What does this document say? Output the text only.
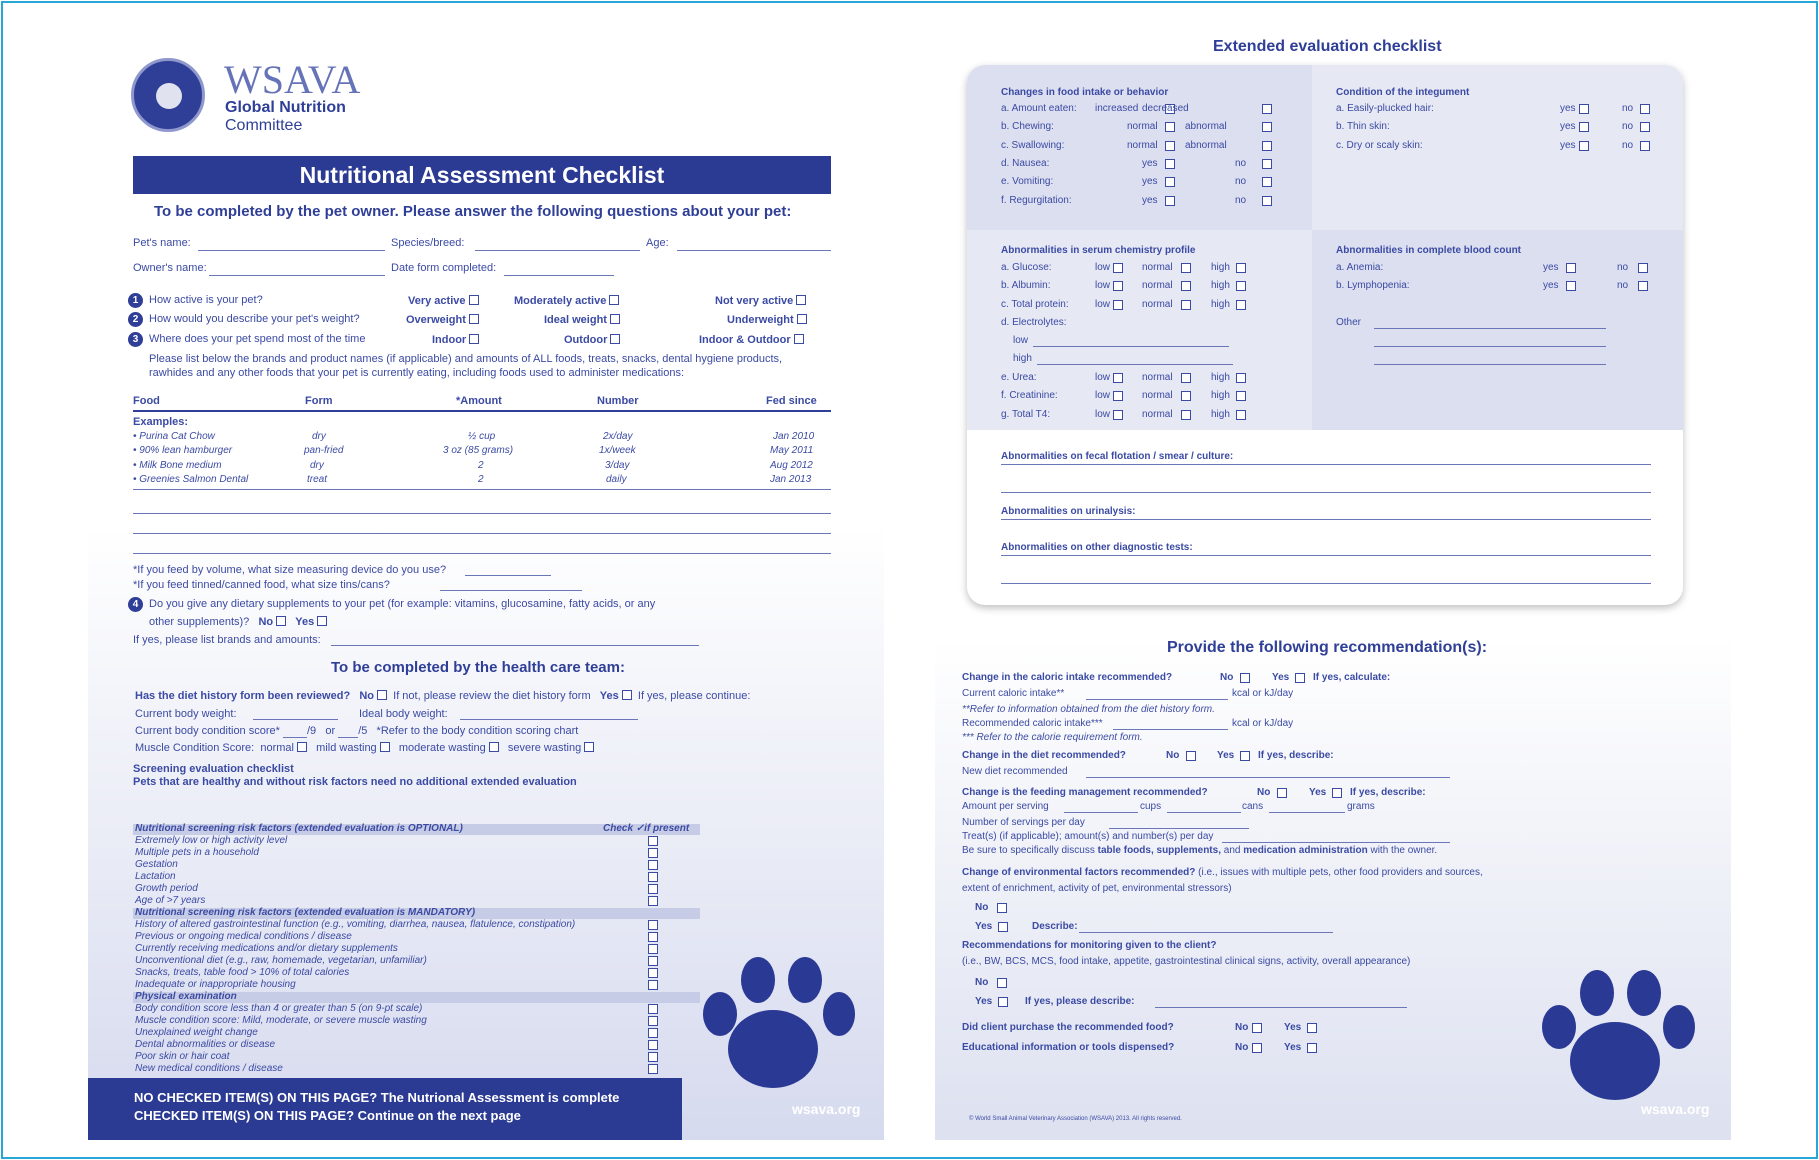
WSAVA
Global Nutrition
Committee
Nutritional Assessment Checklist
To be completed by the pet owner. Please answer the following questions about your pet:
Pet's name:	Species/breed:	Age:
Owner's name:	Date form completed:
1 How active is your pet?	Very active	Moderately active	Not very active
2 How would you describe your pet's weight?	Overweight	Ideal weight	Underweight
3 Where does your pet spend most of the time	Indoor	Outdoor	Indoor & Outdoor
Please list below the brands and product names (if applicable) and amounts of ALL foods, treats, snacks, dental hygiene products,
rawhides and any other foods that your pet is currently eating, including foods used to administer medications:
Food	Form	*Amount	Number	Fed since
Examples:
• Purina Cat Chow	dry	½ cup	2x/day	Jan 2010
• 90% lean hamburger	pan-fried	3 oz (85 grams)	1x/week	May 2011
• Milk Bone medium	dry	2	3/day	Aug 2012
• Greenies Salmon Dental	treat	2	daily	Jan 2013
*If you feed by volume, what size measuring device do you use?
*If you feed tinned/canned food, what size tins/cans?
4 Do you give any dietary supplements to your pet (for example: vitamins, glucosamine, fatty acids, or any
other supplements)? No Yes
If yes, please list brands and amounts:
To be completed by the health care team:
Has the diet history form been reviewed? No If not, please review the diet history form Yes If yes, please continue:
Current body weight:	Ideal body weight:
Current body condition score* /9 or /5 *Refer to the body condition scoring chart
Muscle Condition Score: normal mild wasting moderate wasting severe wasting
Screening evaluation checklist
Pets that are healthy and without risk factors need no additional extended evaluation
Nutritional screening risk factors (extended evaluation is OPTIONAL)	Check ✓if present
Extremely low or high activity level
Multiple pets in a household
Gestation
Lactation
Growth period
Age of >7 years
Nutritional screening risk factors (extended evaluation is MANDATORY)
History of altered gastrointestinal function (e.g., vomiting, diarrhea, nausea, flatulence, constipation)
Previous or ongoing medical conditions / disease
Currently receiving medications and/or dietary supplements
Unconventional diet (e.g., raw, homemade, vegetarian, unfamiliar)
Snacks, treats, table food > 10% of total calories
Inadequate or inappropriate housing
Physical examination
Body condition score less than 4 or greater than 5 (on 9-pt scale)
Muscle condition score: Mild, moderate, or severe muscle wasting
Unexplained weight change
Dental abnormalities or disease
Poor skin or hair coat
New medical conditions / disease
NO CHECKED ITEM(S) ON THIS PAGE? The Nutrional Assessment is complete
CHECKED ITEM(S) ON THIS PAGE? Continue on the next page	wsava.org
Extended evaluation checklist
Changes in food intake or behavior
a. Amount eaten: increased decreased
b. Chewing:	normal	abnormal
c. Swallowing:	normal	abnormal
d. Nausea:	yes	no
e. Vomiting:	yes	no
f. Regurgitation:	yes	no
Condition of the integument
a. Easily-plucked hair:	yes	no
b. Thin skin:	yes	no
c. Dry or scaly skin:	yes	no
Abnormalities in serum chemistry profile
a. Glucose:	low	normal	high
b. Albumin:	low	normal	high
c. Total protein:	low	normal	high
d. Electrolytes:
low
high
e. Urea:	low	normal	high
f. Creatinine:	low	normal	high
g. Total T4:	low	normal	high
Abnormalities in complete blood count
a. Anemia:	yes	no
b. Lymphopenia:	yes	no
Other
Abnormalities on fecal flotation / smear / culture:
Abnormalities on urinalysis:
Abnormalities on other diagnostic tests:
Provide the following recommendation(s):
Change in the caloric intake recommended?	No	Yes If yes, calculate:
Current caloric intake**	kcal or kJ/day
**Refer to information obtained from the diet history form.
Recommended caloric intake***	kcal or kJ/day
*** Refer to the calorie requirement form.
Change in the diet recommended?	No	Yes If yes, describe:
New diet recommended
Change is the feeding management recommended?	No	Yes If yes, describe:
Amount per serving	cups	cans	grams
Number of servings per day
Treat(s) (if applicable); amount(s) and number(s) per day
Be sure to specifically discuss table foods, supplements, and medication administration with the owner.
Change of environmental factors recommended? (i.e., issues with multiple pets, other food providers and sources,
extent of enrichment, activity of pet, environmental stressors)
No
Yes	Describe:
Recommendations for monitoring given to the client?
(i.e., BW, BCS, MCS, food intake, appetite, gastrointestinal clinical signs, activity, overall appearance)
No
Yes	If yes, please describe:
Did client purchase the recommended food?	No	Yes
Educational information or tools dispensed?	No	Yes
wsava.org
© World Small Animal Veterinary Association (WSAVA) 2013. All rights reserved.
